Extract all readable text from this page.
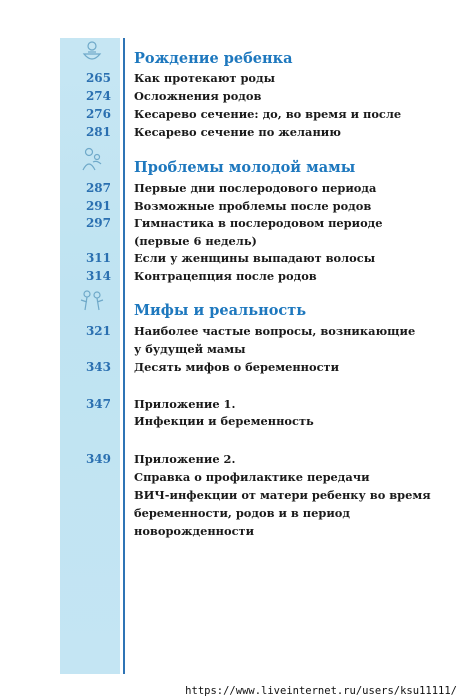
Рождение ребенка
265 Как протекают роды
274 Осложнения родов
276 Кесарево сечение: до, во время и после
281 Кесарево сечение по желанию
Проблемы молодой мамы
287 Первые дни послеродового периода
291 Возможные проблемы после родов
297 Гимнастика в послеродовом периоде
(первые 6 недель)
311 Если у женщины выпадают волосы
314 Контрацепция после родов
Мифы и реальность
321 Наиболее частые вопросы, возникающие
у будущей мамы
343 Десять мифов о беременности
347 Приложение 1.
Инфекции и беременность
349 Приложение 2.
Справка о профилактике передачи
ВИЧ-инфекции от матери ребенку во время
беременности, родов и в период
новорожденности
https://www.liveinternet.ru/users/ksu11111/
